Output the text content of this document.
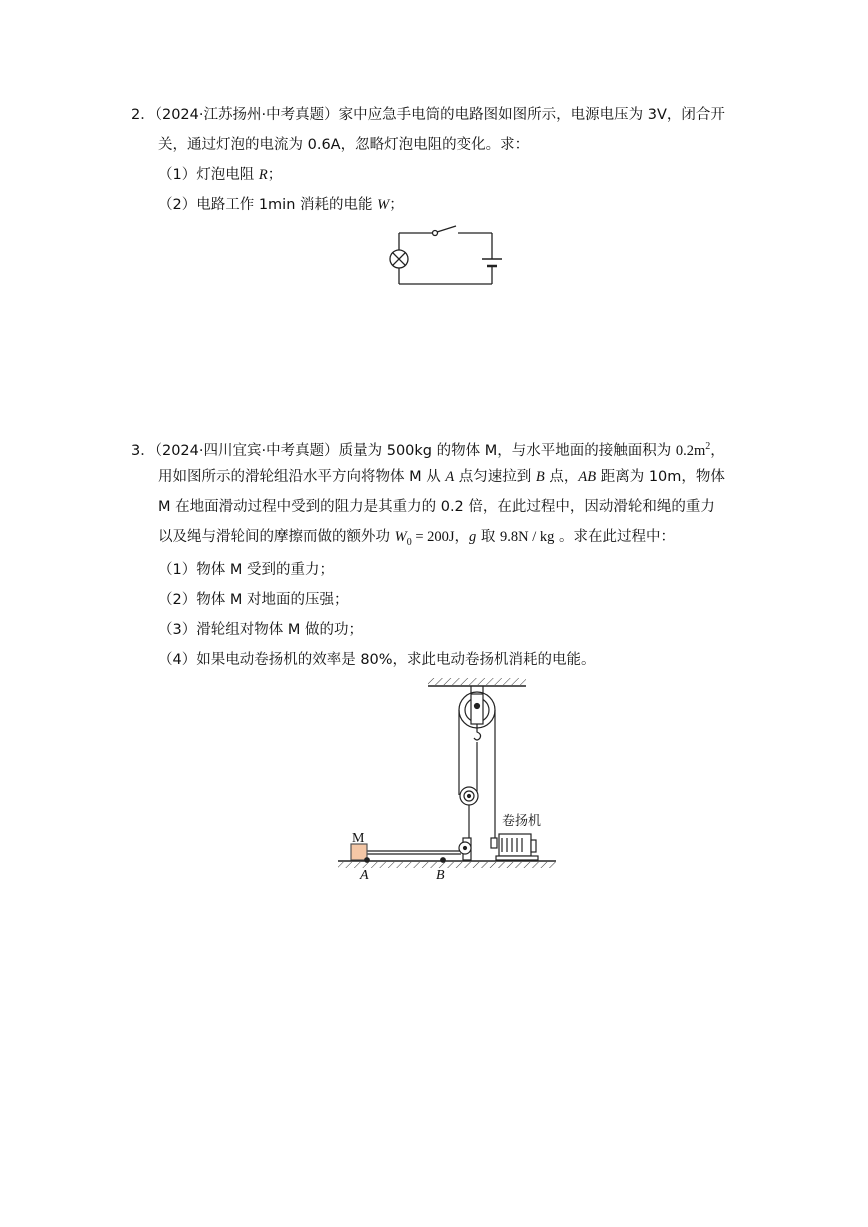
2．（2024·江苏扬州·中考真题）家中应急手电筒的电路图如图所示，电源电压为 3V，闭合开
关，通过灯泡的电流为 0.6A，忽略灯泡电阻的变化。求：
（1）灯泡电阻 R；
（2）电路工作 1min 消耗的电能 W；
3．（2024·四川宜宾·中考真题）质量为 500kg 的物体 M，与水平地面的接触面积为 $0.2m^2$，
用如图所示的滑轮组沿水平方向将物体 M 从 A 点匀速拉到 B 点，AB 距离为 10m，物体
M 在地面滑动过程中受到的阻力是其重力的 0.2 倍，在此过程中，因动滑轮和绳的重力
以及绳与滑轮间的摩擦而做的额外功 $W_0 = 200J$，g 取 9.8N / kg 。求在此过程中：
（1）物体 M 受到的重力；
（2）物体 M 对地面的压强；
（3）滑轮组对物体 M 做的功；
（4）如果电动卷扬机的效率是 80%，求此电动卷扬机消耗的电能。
M
A	B
卷扬机
